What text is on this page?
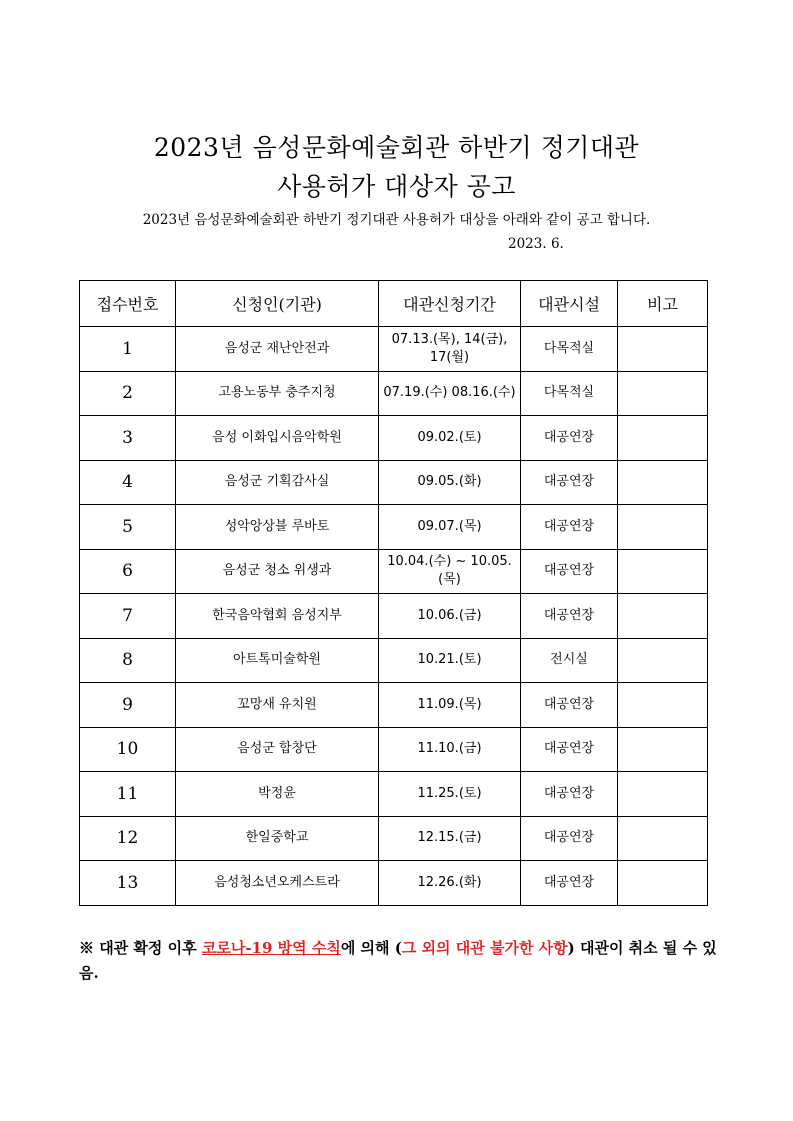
2023년 음성문화예술회관 하반기 정기대관
사용허가 대상자 공고
2023년 음성문화예술회관 하반기 정기대관 사용허가 대상을 아래와 같이 공고 합니다.
2023. 6.
접수번호	신청인(기관)	대관신청기간	대관시설	비고
1	음성군 재난안전과	07.13.(목), 14(금), 17(월)	다목적실	
2	고용노동부 충주지청	07.19.(수) 08.16.(수)	다목적실	
3	음성 이화입시음악학원	09.02.(토)	대공연장	
4	음성군 기획감사실	09.05.(화)	대공연장	
5	성악앙상블 루바토	09.07.(목)	대공연장	
6	음성군 청소 위생과	10.04.(수) ~ 10.05.(목)	대공연장	
7	한국음악협회 음성지부	10.06.(금)	대공연장	
8	아트톡미술학원	10.21.(토)	전시실	
9	꼬망새 유치원	11.09.(목)	대공연장	
10	음성군 합창단	11.10.(금)	대공연장	
11	박정윤	11.25.(토)	대공연장	
12	한일중학교	12.15.(금)	대공연장	
13	음성청소년오케스트라	12.26.(화)	대공연장	
※ 대관 확정 이후 코로나-19 방역 수칙에 의해 (그 외의 대관 불가한 사항) 대관이 취소 될 수 있음.
